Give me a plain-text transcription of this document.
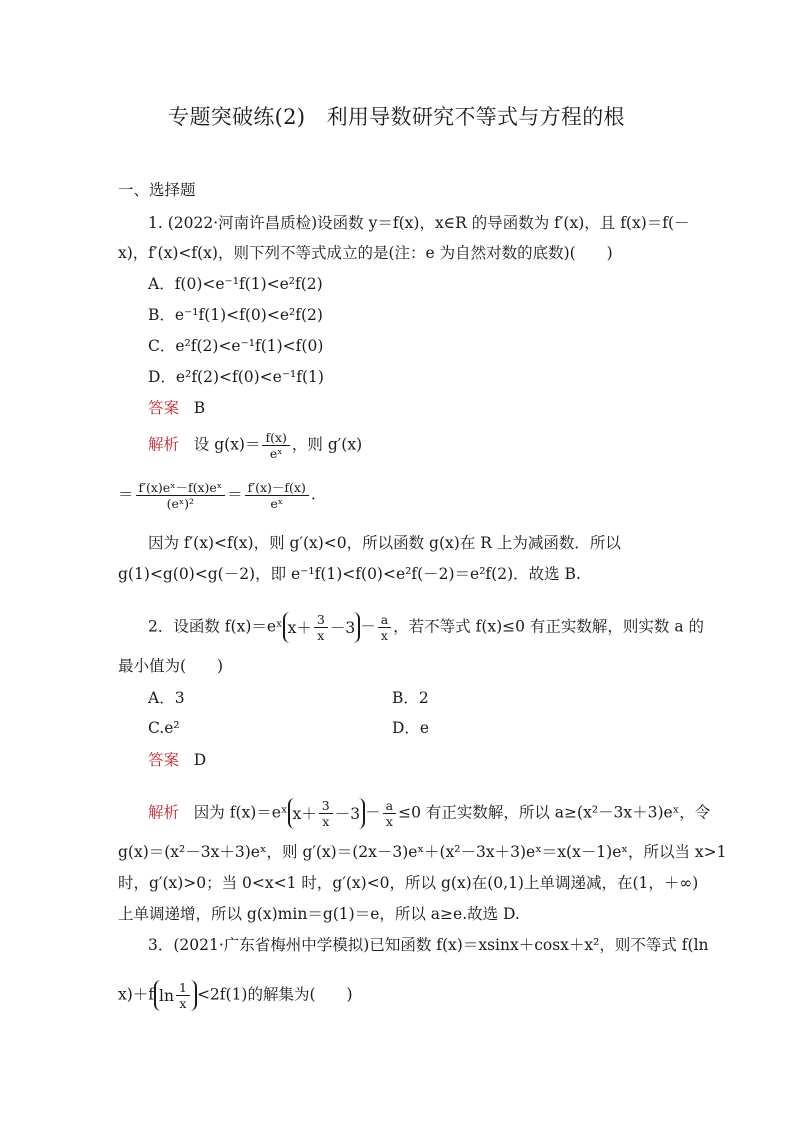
专题突破练(2)　利用导数研究不等式与方程的根
一、选择题
1. (2022·河南许昌质检)设函数 y＝f(x)，x∈R 的导函数为 f′(x)，且 f(x)＝f(－
x)，f′(x)<f(x)，则下列不等式成立的是(注：e 为自然对数的底数)(　　)
A．f(0)<e⁻¹f(1)<e²f(2)
B．e⁻¹f(1)<f(0)<e²f(2)
C．e²f(2)<e⁻¹f(1)<f(0)
D．e²f(2)<f(0)<e⁻¹f(1)
答案 B
解析 设 $g(x)= \frac{f(x)}{\text{eˣ}}$ ，则 g′(x)
＝ $\frac{\text{f′(x)eˣ－f(x)eˣ}}{\text{(eˣ)²}} = \frac{f'(x)-f(x)}{\text{eˣ}}$ .
因为 f′(x)<f(x)，则 g′(x)<0，所以函数 g(x)在 R 上为减函数．所以
g(1)<g(0)<g(－2)，即 e⁻¹f(1)<f(0)<e²f(－2)＝e²f(2)．故选 B.
2．设函数 f(x)＝eˣ $x+ \frac{3}{x} -3 - \frac{a}{x}$ ，若不等式 f(x)≤0 有正实数解，则实数 a 的
最小值为(　　)
A．3	B．2
C.e²	D．e
答案 D
解析 因为 f(x)＝eˣ $x+ \frac{3}{x} -3 - \frac{a}{x} \le 0$ 有正实数解，所以 a≥(x²－3x＋3)eˣ，令
g(x)＝(x²－3x＋3)eˣ，则 g′(x)＝(2x－3)eˣ＋(x²－3x＋3)eˣ＝x(x－1)eˣ，所以当 x>1
时，g′(x)>0；当 0<x<1 时，g′(x)<0，所以 g(x)在(0,1)上单调递减，在(1，＋∞)
上单调递增，所以 g(x)min＝g(1)＝e，所以 a≥e.故选 D.
3．(2021·广东省梅州中学模拟)已知函数 f(x)＝xsinx＋cosx＋x²，则不等式 f(ln
x)＋f $\ln \frac{1}{x} <2f(1)$的解集为(　　)
